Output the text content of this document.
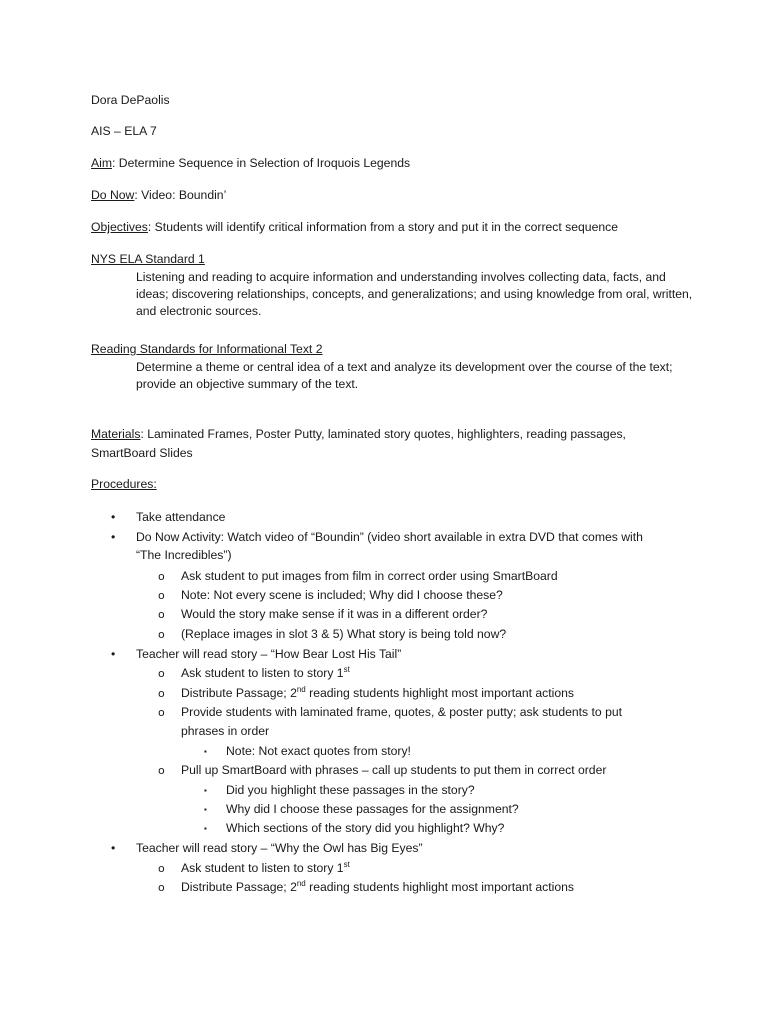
Dora DePaolis
AIS – ELA 7
Aim: Determine Sequence in Selection of Iroquois Legends
Do Now: Video: Boundin’
Objectives: Students will identify critical information from a story and put it in the correct sequence
NYS ELA Standard 1
Listening and reading to acquire information and understanding involves collecting data, facts, and ideas; discovering relationships, concepts, and generalizations; and using knowledge from oral, written, and electronic sources.
Reading Standards for Informational Text 2
Determine a theme or central idea of a text and analyze its development over the course of the text; provide an objective summary of the text.
Materials: Laminated Frames, Poster Putty, laminated story quotes, highlighters, reading passages,
SmartBoard Slides
Procedures:
• Take attendance
• Do Now Activity: Watch video of “Boundin” (video short available in extra DVD that comes with
“The Incredibles”)
o Ask student to put images from film in correct order using SmartBoard
o Note: Not every scene is included; Why did I choose these?
o Would the story make sense if it was in a different order?
o (Replace images in slot 3 & 5) What story is being told now?
• Teacher will read story – “How Bear Lost His Tail”
o Ask student to listen to story 1st
o Distribute Passage; 2nd reading students highlight most important actions
o Provide students with laminated frame, quotes, & poster putty; ask students to put
phrases in order
▪ Note: Not exact quotes from story!
o Pull up SmartBoard with phrases – call up students to put them in correct order
▪ Did you highlight these passages in the story?
▪ Why did I choose these passages for the assignment?
▪ Which sections of the story did you highlight? Why?
• Teacher will read story – “Why the Owl has Big Eyes”
o Ask student to listen to story 1st
o Distribute Passage; 2nd reading students highlight most important actions
